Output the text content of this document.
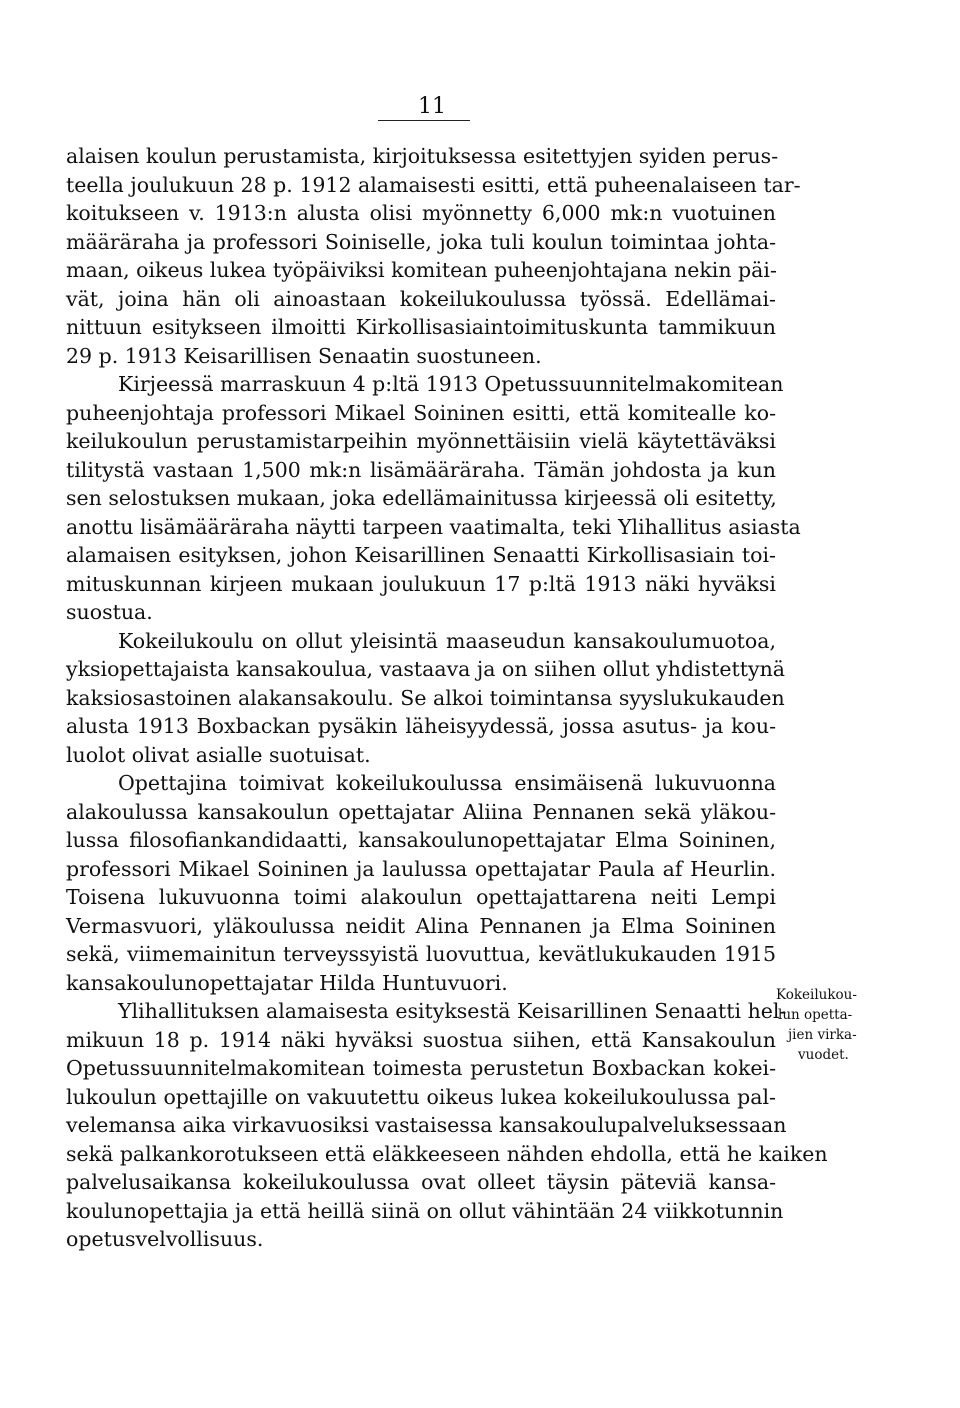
11
alaisen koulun perustamista, kirjoituksessa esitettyjen syiden perus-
teella joulukuun 28 p. 1912 alamaisesti esitti, että puheenalaiseen tar-
koitukseen v. 1913:n alusta olisi myönnetty 6,000 mk:n vuotuinen
määräraha ja professori Soiniselle, joka tuli koulun toimintaa johta-
maan, oikeus lukea työpäiviksi komitean puheenjohtajana nekin päi-
vät, joina hän oli ainoastaan kokeilukoulussa työssä. Edellämai-
nittuun esitykseen ilmoitti Kirkollisasiaintoimituskunta tammikuun
29 p. 1913 Keisarillisen Senaatin suostuneen.
Kirjeessä marraskuun 4 p:ltä 1913 Opetussuunnitelmakomitean
puheenjohtaja professori Mikael Soininen esitti, että komitealle ko-
keilukoulun perustamistarpeihin myönnettäisiin vielä käytettäväksi
tilitystä vastaan 1,500 mk:n lisämääräraha. Tämän johdosta ja kun
sen selostuksen mukaan, joka edellämainitussa kirjeessä oli esitetty,
anottu lisämääräraha näytti tarpeen vaatimalta, teki Ylihallitus asiasta
alamaisen esityksen, johon Keisarillinen Senaatti Kirkollisasiain toi-
mituskunnan kirjeen mukaan joulukuun 17 p:ltä 1913 näki hyväksi
suostua.
Kokeilukoulu on ollut yleisintä maaseudun kansakoulumuotoa,
yksiopettajaista kansakoulua, vastaava ja on siihen ollut yhdistettynä
kaksiosastoinen alakansakoulu. Se alkoi toimintansa syyslukukauden
alusta 1913 Boxbackan pysäkin läheisyydessä, jossa asutus- ja kou-
luolot olivat asialle suotuisat.
Opettajina toimivat kokeilukoulussa ensimäisenä lukuvuonna
alakoulussa kansakoulun opettajatar Aliina Pennanen sekä yläkou-
lussa filosofiankandidaatti, kansakoulunopettajatar Elma Soininen,
professori Mikael Soininen ja laulussa opettajatar Paula af Heurlin.
Toisena lukuvuonna toimi alakoulun opettajattarena neiti Lempi
Vermasvuori, yläkoulussa neidit Alina Pennanen ja Elma Soininen
sekä, viimemainitun terveyssyistä luovuttua, kevätlukukauden 1915
kansakoulunopettajatar Hilda Huntuvuori.
Ylihallituksen alamaisesta esityksestä Keisarillinen Senaatti hel-
mikuun 18 p. 1914 näki hyväksi suostua siihen, että Kansakoulun
Opetussuunnitelmakomitean toimesta perustetun Boxbackan kokei-
lukoulun opettajille on vakuutettu oikeus lukea kokeilukoulussa pal-
velemansa aika virkavuosiksi vastaisessa kansakoulupalveluksessaan
sekä palkankorotukseen että eläkkeeseen nähden ehdolla, että he kaiken
palvelusaikansa kokeilukoulussa ovat olleet täysin päteviä kansa-
koulunopettajia ja että heillä siinä on ollut vähintään 24 viikkotunnin
opetusvelvollisuus.
Kokeilukou-
lun opetta-
jien virka-
vuodet.
